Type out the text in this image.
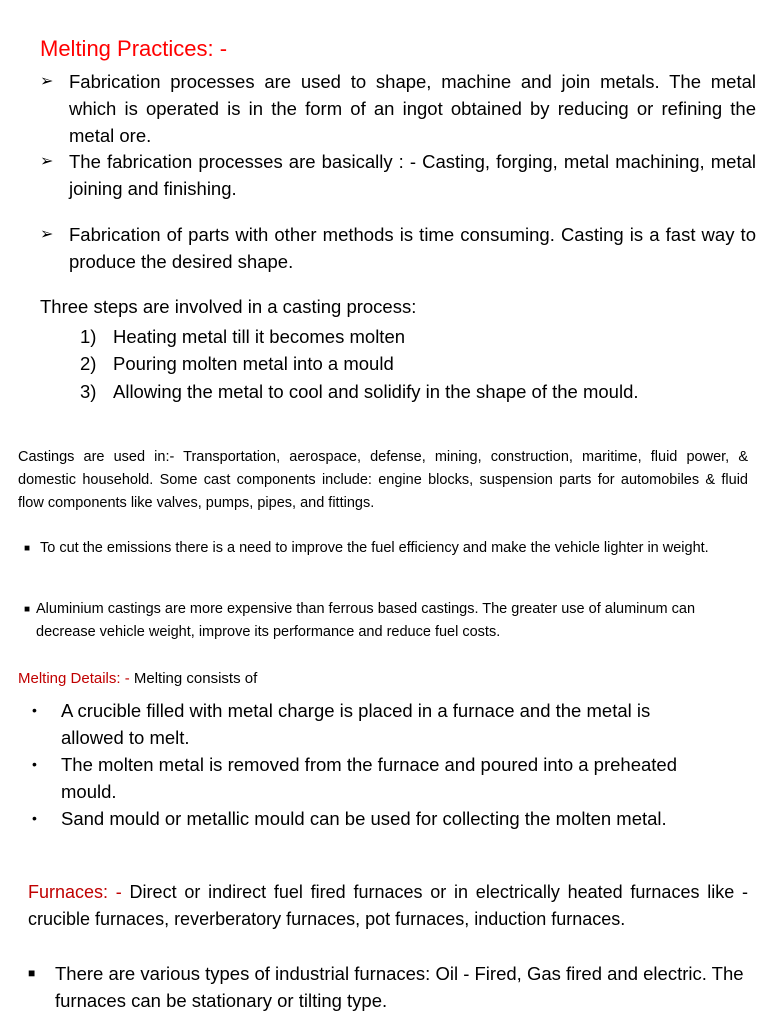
Melting Practices: -
➢ Fabrication processes are used to shape, machine and join metals. The metal which is operated is in the form of an ingot obtained by reducing or refining the metal ore.
➢ The fabrication processes are basically : - Casting, forging, metal machining, metal joining and finishing.
➢ Fabrication of parts with other methods is time consuming. Casting is a fast way to produce the desired shape.
Three steps are involved in a casting process:
1) Heating metal till it becomes molten
2) Pouring molten metal into a mould
3) Allowing the metal to cool and solidify in the shape of the mould.
Castings are used in:- Transportation, aerospace, defense, mining, construction, maritime, fluid power, & domestic household. Some cast components include: engine blocks, suspension parts for automobiles & fluid flow components like valves, pumps, pipes, and fittings.
■ To cut the emissions there is a need to improve the fuel efficiency and make the vehicle lighter in weight.
■ Aluminium castings are more expensive than ferrous based castings. The greater use of aluminum can decrease vehicle weight, improve its performance and reduce fuel costs.
Melting Details: - Melting consists of
•	A crucible filled with metal charge is placed in a furnace and the metal is allowed to melt.
•	The molten metal is removed from the furnace and poured into a preheated mould.
•	Sand mould or metallic mould can be used for collecting the molten metal.
Furnaces: - Direct or indirect fuel fired furnaces or in electrically heated furnaces like - crucible furnaces, reverberatory furnaces, pot furnaces, induction furnaces.
■	There are various types of industrial furnaces: Oil - Fired, Gas fired and electric. The furnaces can be stationary or tilting type.
